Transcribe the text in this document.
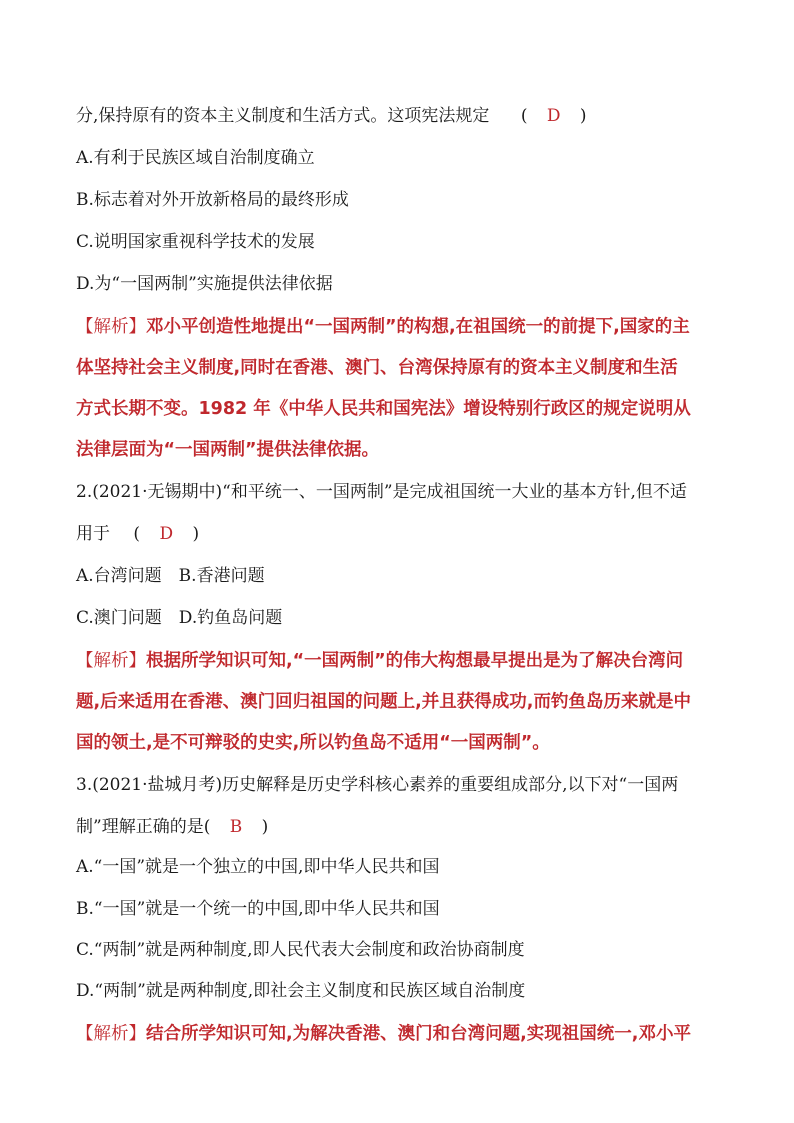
分,保持原有的资本主义制度和生活方式。这项宪法规定 ( D )
A.有利于民族区域自治制度确立
B.标志着对外开放新格局的最终形成
C.说明国家重视科学技术的发展
D.为“一国两制”实施提供法律依据
【解析】邓小平创造性地提出“一国两制”的构想,在祖国统一的前提下,国家的主
体坚持社会主义制度,同时在香港、澳门、台湾保持原有的资本主义制度和生活
方式长期不变。1982 年《中华人民共和国宪法》增设特别行政区的规定说明从
法律层面为“一国两制”提供法律依据。
2.(2021·无锡期中)“和平统一、一国两制”是完成祖国统一大业的基本方针,但不适
用于 ( D )
A.台湾问题　B.香港问题
C.澳门问题　D.钓鱼岛问题
【解析】根据所学知识可知,“一国两制”的伟大构想最早提出是为了解决台湾问
题,后来适用在香港、澳门回归祖国的问题上,并且获得成功,而钓鱼岛历来就是中
国的领土,是不可辩驳的史实,所以钓鱼岛不适用“一国两制”。
3.(2021·盐城月考)历史解释是历史学科核心素养的重要组成部分,以下对“一国两
制”理解正确的是( B )
A.“一国”就是一个独立的中国,即中华人民共和国
B.“一国”就是一个统一的中国,即中华人民共和国
C.“两制”就是两种制度,即人民代表大会制度和政治协商制度
D.“两制”就是两种制度,即社会主义制度和民族区域自治制度
【解析】结合所学知识可知,为解决香港、澳门和台湾问题,实现祖国统一,邓小平
